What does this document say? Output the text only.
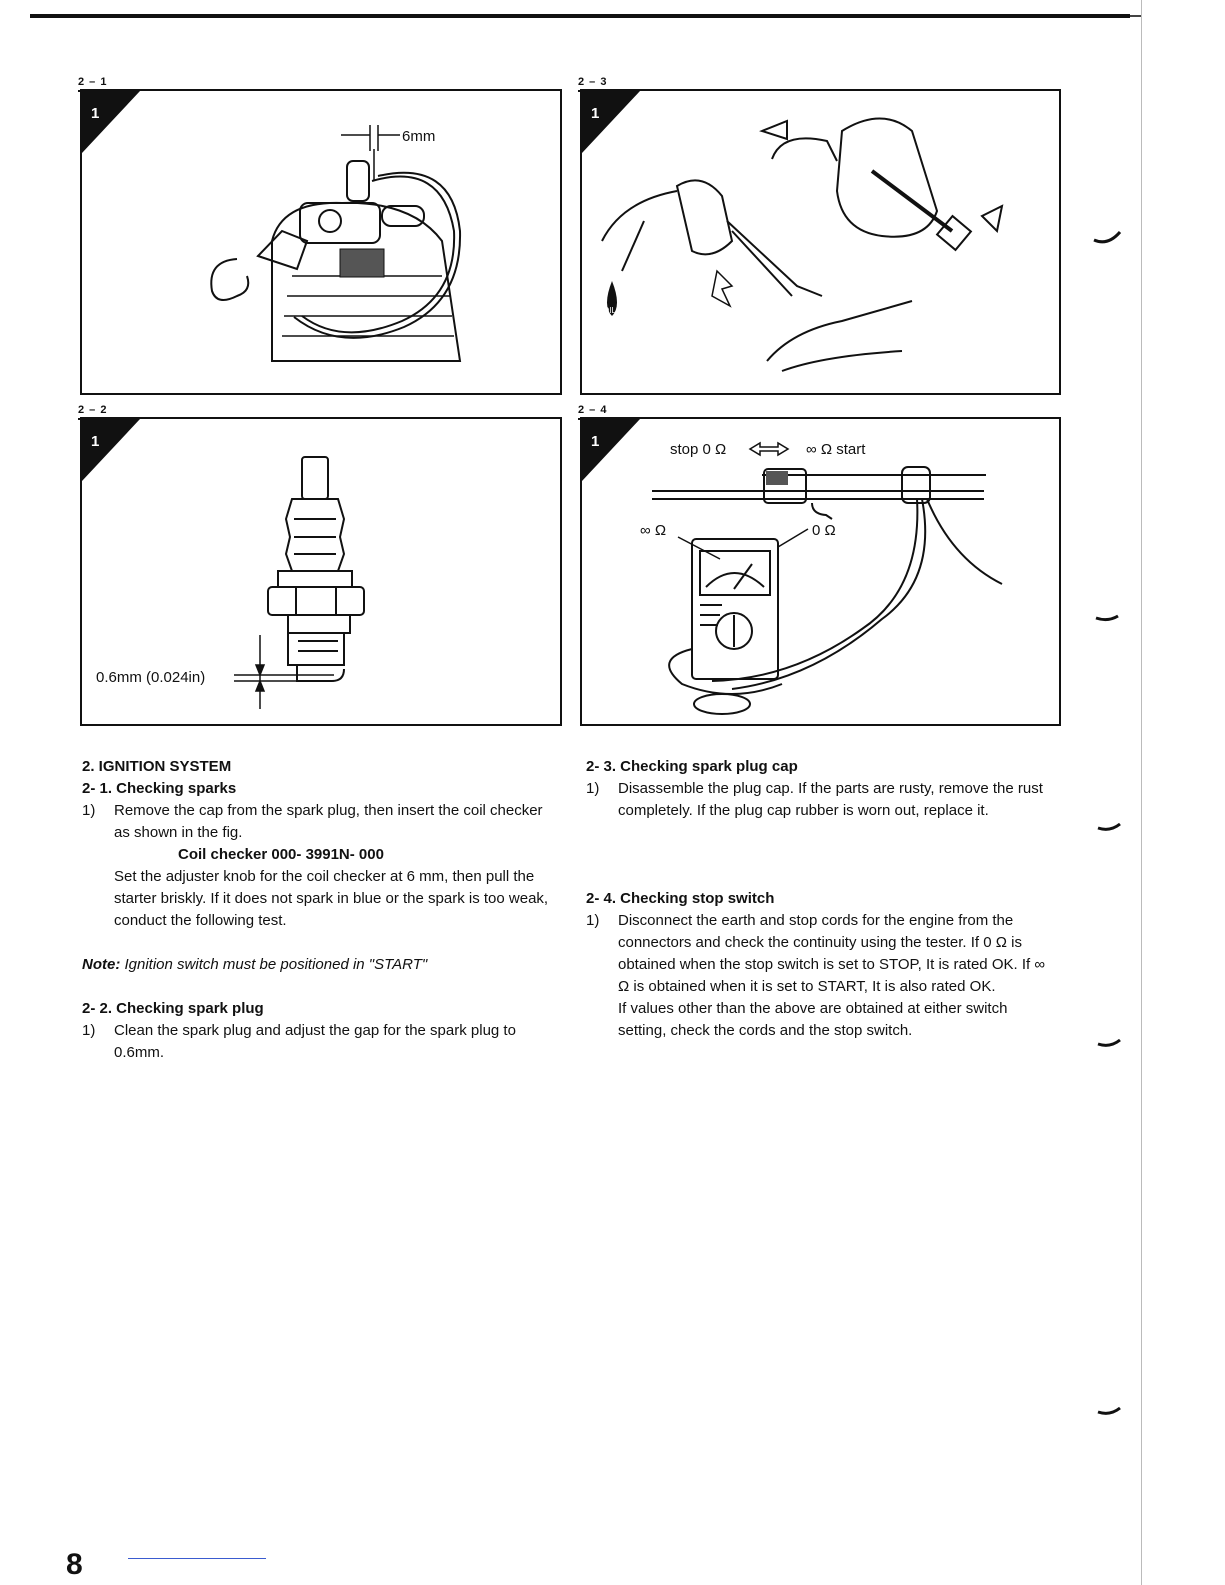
2 – 1
1
6mm
2 – 3
1
OIL
2 – 2
1
0.6mm (0.024in)
2 – 4
1	stop 0 Ω	∞ Ω start
∞ Ω	0 Ω

2. IGNITION SYSTEM

2- 1. Checking sparks

1) Remove the cap from the spark plug, then insert the coil checker as shown in the fig.

Coil checker 000- 3991N- 000

Set the adjuster knob for the coil checker at 6 mm, then pull the starter briskly. If it does not spark in blue or the spark is too weak, conduct the following test.

Note: Ignition switch must be positioned in "START"

2- 2. Checking spark plug

1) Clean the spark plug and adjust the gap for the spark plug to 0.6mm.

2- 3. Checking spark plug cap

1) Disassemble the plug cap. If the parts are rusty, remove the rust completely. If the plug cap rubber is worn out, replace it.

2- 4. Checking stop switch

1) Disconnect the earth and stop cords for the engine from the connectors and check the continuity using the tester. If 0 Ω is obtained when the stop switch is set to STOP, It is rated OK. If ∞ Ω is obtained when it is set to START, It is also rated OK.

If values other than the above are obtained at either switch setting, check the cords and the stop switch.

8
